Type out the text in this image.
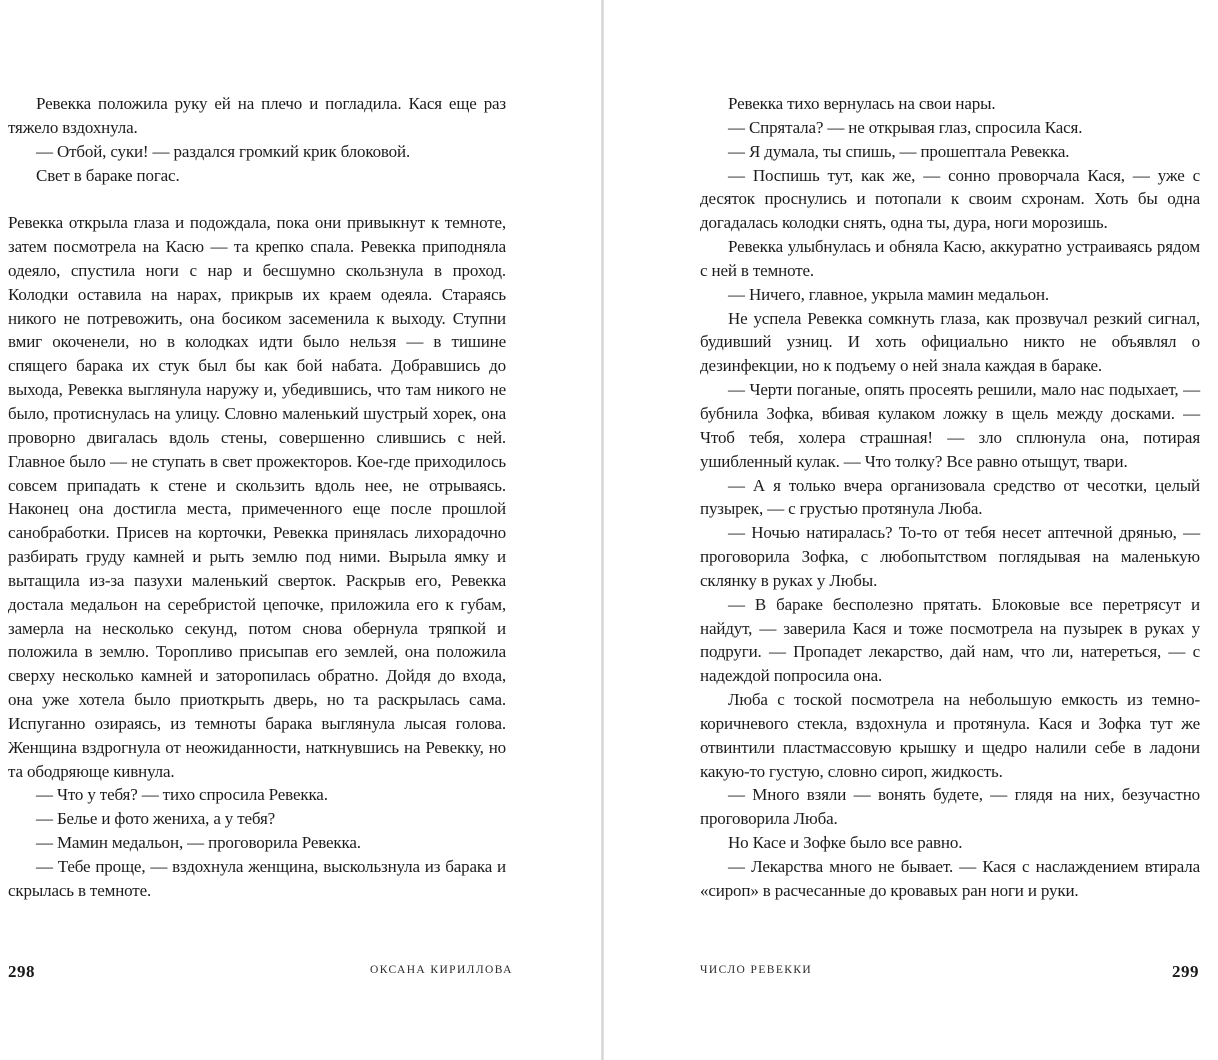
Ревекка положила руку ей на плечо и погладила. Кася еще раз тяжело вздохнула.

— Отбой, суки! — раздался громкий крик блоковой.

Свет в бараке погас.

Ревекка открыла глаза и подождала, пока они привыкнут к темноте, затем посмотрела на Касю — та крепко спала. Ревекка приподняла одеяло, спустила ноги с нар и бесшумно скользнула в проход. Колодки оставила на нарах, прикрыв их краем одеяла. Стараясь никого не потревожить, она босиком засеменила к выходу. Ступни вмиг окоченели, но в колодках идти было нельзя — в тишине спящего барака их стук был бы как бой набата. Добравшись до выхода, Ревекка выглянула наружу и, убедившись, что там никого не было, протиснулась на улицу. Словно маленький шустрый хорек, она проворно двигалась вдоль стены, совершенно слившись с ней. Главное было — не ступать в свет прожекторов. Кое-где приходилось совсем припадать к стене и скользить вдоль нее, не отрываясь. Наконец она достигла места, примеченного еще после прошлой санобработки. Присев на корточки, Ревекка принялась лихорадочно разбирать груду камней и рыть землю под ними. Вырыла ямку и вытащила из-за пазухи маленький сверток. Раскрыв его, Ревекка достала медальон на серебристой цепочке, приложила его к губам, замерла на несколько секунд, потом снова обернула тряпкой и положила в землю. Торопливо присыпав его землей, она положила сверху несколько камней и заторопилась обратно. Дойдя до входа, она уже хотела было приоткрыть дверь, но та раскрылась сама. Испуганно озираясь, из темноты барака выглянула лысая голова. Женщина вздрогнула от неожиданности, наткнувшись на Ревекку, но та ободряюще кивнула.

— Что у тебя? — тихо спросила Ревекка.

— Белье и фото жениха, а у тебя?

— Мамин медальон, — проговорила Ревекка.

— Тебе проще, — вздохнула женщина, выскользнула из барака и скрылась в темноте.

298	ОКСАНА КИРИЛЛОВА

Ревекка тихо вернулась на свои нары.

— Спрятала? — не открывая глаз, спросила Кася.

— Я думала, ты спишь, — прошептала Ревекка.

— Поспишь тут, как же, — сонно проворчала Кася, — уже с десяток проснулись и потопали к своим схронам. Хоть бы одна догадалась колодки снять, одна ты, дура, ноги морозишь.

Ревекка улыбнулась и обняла Касю, аккуратно устраиваясь рядом с ней в темноте.

— Ничего, главное, укрыла мамин медальон.

Не успела Ревекка сомкнуть глаза, как прозвучал резкий сигнал, будивший узниц. И хоть официально никто не объявлял о дезинфекции, но к подъему о ней знала каждая в бараке.

— Черти поганые, опять просеять решили, мало нас подыхает, — бубнила Зофка, вбивая кулаком ложку в щель между досками. — Чтоб тебя, холера страшная! — зло сплюнула она, потирая ушибленный кулак. — Что толку? Все равно отыщут, твари.

— А я только вчера организовала средство от чесотки, целый пузырек, — с грустью протянула Люба.

— Ночью натиралась? То-то от тебя несет аптечной дрянью, — проговорила Зофка, с любопытством поглядывая на маленькую склянку в руках у Любы.

— В бараке бесполезно прятать. Блоковые все перетрясут и найдут, — заверила Кася и тоже посмотрела на пузырек в руках у подруги. — Пропадет лекарство, дай нам, что ли, натереться, — с надеждой попросила она.

Люба с тоской посмотрела на небольшую емкость из темно-коричневого стекла, вздохнула и протянула. Кася и Зофка тут же отвинтили пластмассовую крышку и щедро налили себе в ладони какую-то густую, словно сироп, жидкость.

— Много взяли — вонять будете, — глядя на них, безучастно проговорила Люба.

Но Касе и Зофке было все равно.

— Лекарства много не бывает. — Кася с наслаждением втирала «сироп» в расчесанные до кровавых ран ноги и руки.

ЧИСЛО РЕВЕККИ	299
